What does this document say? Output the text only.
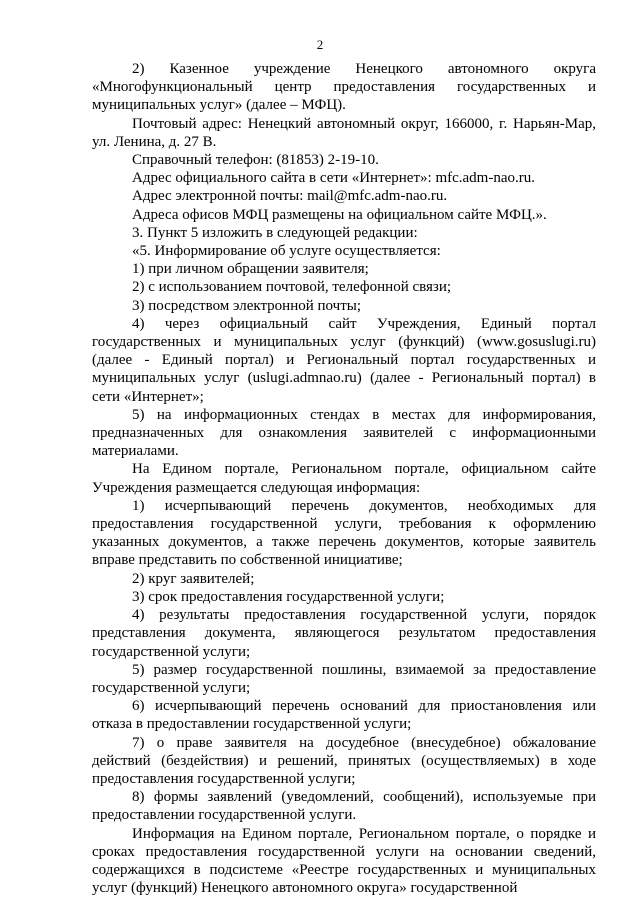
2

2) Казенное учреждение Ненецкого автономного округа «Многофункциональный центр предоставления государственных и муниципальных услуг» (далее – МФЦ).

Почтовый адрес: Ненецкий автономный округ, 166000, г. Нарьян-Мар, ул. Ленина, д. 27 В.

Справочный телефон: (81853) 2-19-10.

Адрес официального сайта в сети «Интернет»: mfc.adm-nao.ru.

Адрес электронной почты: mail@mfc.adm-nao.ru.

Адреса офисов МФЦ размещены на официальном сайте МФЦ.».

3. Пункт 5 изложить в следующей редакции:

«5. Информирование об услуге осуществляется:

1) при личном обращении заявителя;

2) с использованием почтовой, телефонной связи;

3) посредством электронной почты;

4) через официальный сайт Учреждения, Единый портал государственных и муниципальных услуг (функций) (www.gosuslugi.ru) (далее - Единый портал) и Региональный портал государственных и муниципальных услуг (uslugi.admnao.ru) (далее - Региональный портал) в сети «Интернет»;

5) на информационных стендах в местах для информирования, предназначенных для ознакомления заявителей с информационными материалами.

На Едином портале, Региональном портале, официальном сайте Учреждения размещается следующая информация:

1) исчерпывающий перечень документов, необходимых для предоставления государственной услуги, требования к оформлению указанных документов, а также перечень документов, которые заявитель вправе представить по собственной инициативе;

2) круг заявителей;

3) срок предоставления государственной услуги;

4) результаты предоставления государственной услуги, порядок представления документа, являющегося результатом предоставления государственной услуги;

5) размер государственной пошлины, взимаемой за предоставление государственной услуги;

6) исчерпывающий перечень оснований для приостановления или отказа в предоставлении государственной услуги;

7) о праве заявителя на досудебное (внесудебное) обжалование действий (бездействия) и решений, принятых (осуществляемых) в ходе предоставления государственной услуги;

8) формы заявлений (уведомлений, сообщений), используемые при предоставлении государственной услуги.

Информация на Едином портале, Региональном портале, о порядке и сроках предоставления государственной услуги на основании сведений, содержащихся в подсистеме «Реестре государственных и муниципальных услуг (функций) Ненецкого автономного округа» государственной
